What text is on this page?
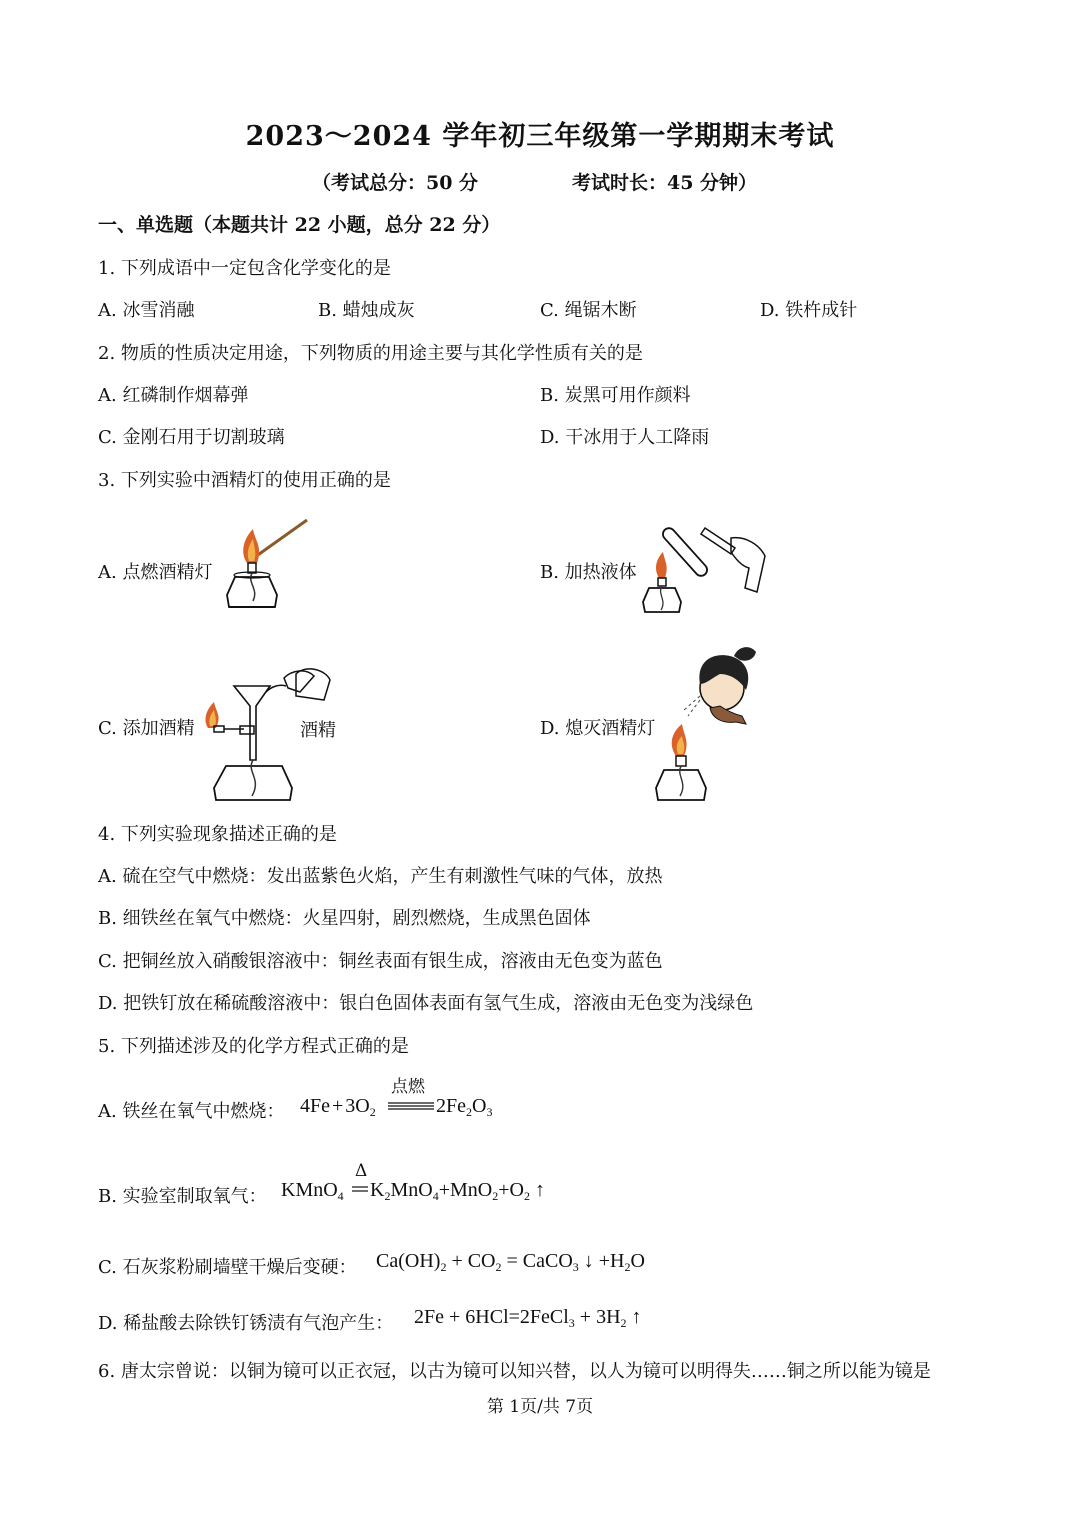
2023～2024 学年初三年级第一学期期末考试
（考试总分：50 分	考试时长：45 分钟）
一、单选题（本题共计 22 小题，总分 22 分）
1. 下列成语中一定包含化学变化的是
A. 冰雪消融	B. 蜡烛成灰	C. 绳锯木断	D. 铁杵成针
2. 物质的性质决定用途，下列物质的用途主要与其化学性质有关的是
A. 红磷制作烟幕弹	B. 炭黑可用作颜料
C. 金刚石用于切割玻璃	D. 干冰用于人工降雨
3. 下列实验中酒精灯的使用正确的是
A. 点燃酒精灯	B. 加热液体
C. 添加酒精	D. 熄灭酒精灯
酒精
4. 下列实验现象描述正确的是
A. 硫在空气中燃烧：发出蓝紫色火焰，产生有刺激性气味的气体，放热
B. 细铁丝在氧气中燃烧：火星四射，剧烈燃烧，生成黑色固体
C. 把铜丝放入硝酸银溶液中：铜丝表面有银生成，溶液由无色变为蓝色
D. 把铁钉放在稀硫酸溶液中：银白色固体表面有氢气生成，溶液由无色变为浅绿色
5. 下列描述涉及的化学方程式正确的是
A. 铁丝在氧气中燃烧： $4Fe + 3O_2$
点燃
$2Fe_2O_3$
B. 实验室制取氧气： KMnO$_4$
Δ
$K_2MnO_4+MnO_2+O_2$ ↑
C. 石灰浆粉刷墙壁干燥后变硬： $Ca(OH)_2 + CO_2$ = CaCO$_3$ ↓ $+H_2O$
D. 稀盐酸去除铁钉锈渍有气泡产生： 2Fe + 6HCl=2FeCl$_3$ + $3H_2$ ↑
6. 唐太宗曾说：以铜为镜可以正衣冠，以古为镜可以知兴替，以人为镜可以明得失……铜之所以能为镜是
第 1页/共 7页
